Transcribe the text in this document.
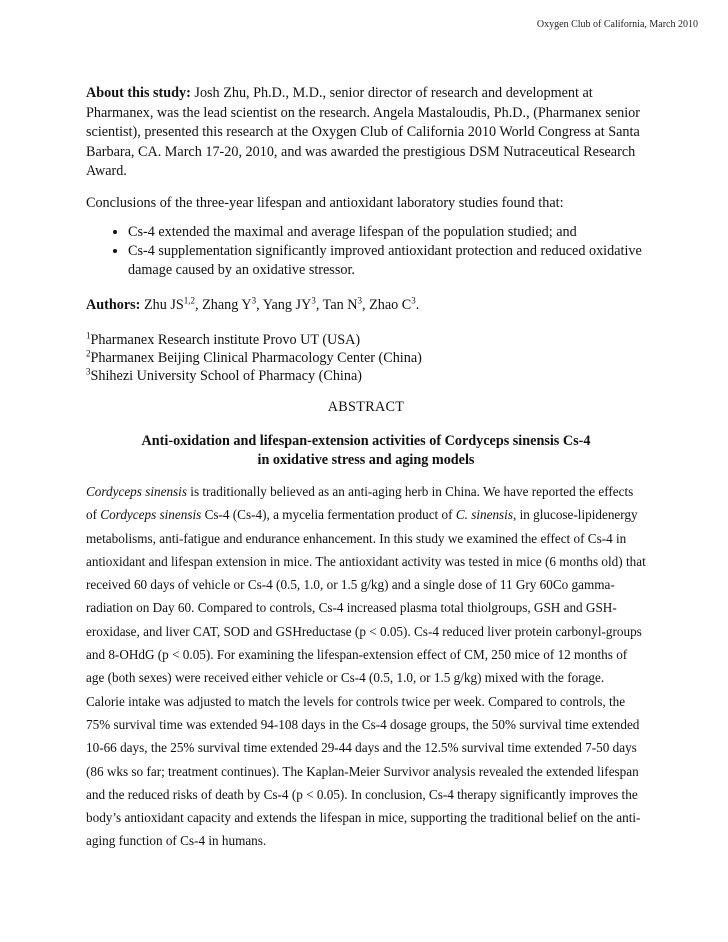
Oxygen Club of California, March 2010

About this study: Josh Zhu, Ph.D., M.D., senior director of research and development at Pharmanex, was the lead scientist on the research. Angela Mastaloudis, Ph.D., (Pharmanex senior scientist), presented this research at the Oxygen Club of California 2010 World Congress at Santa Barbara, CA. March 17-20, 2010, and was awarded the prestigious DSM Nutraceutical Research Award.

Conclusions of the three-year lifespan and antioxidant laboratory studies found that:

• Cs-4 extended the maximal and average lifespan of the population studied; and
• Cs-4 supplementation significantly improved antioxidant protection and reduced oxidative damage caused by an oxidative stressor.

Authors: Zhu JS$^{1,2}$, Zhang $Y^3$, Yang $JY^3$, Tan $N^3$, Zhao $C^3$.

$^1$Pharmanex Research institute Provo UT (USA)
$^2$Pharmanex Beijing Clinical Pharmacology Center (China)
$^3$Shihezi University School of Pharmacy (China)

ABSTRACT
Anti-oxidation and lifespan-extension activities of Cordyceps sinensis Cs-4
in oxidative stress and aging models

Cordyceps sinensis is traditionally believed as an anti-aging herb in China. We have reported the effects of Cordyceps sinensis Cs-4 (Cs-4), a mycelia fermentation product of C. sinensis, in glucose-lipidenergy metabolisms, anti-fatigue and endurance enhancement. In this study we examined the effect of Cs-4 in antioxidant and lifespan extension in mice. The antioxidant activity was tested in mice (6 months old) that received 60 days of vehicle or Cs-4 (0.5, 1.0, or 1.5 g/kg) and a single dose of 11 Gry 60Co gamma-radiation on Day 60. Compared to controls, Cs-4 increased plasma total thiolgroups, GSH and GSH-eroxidase, and liver CAT, SOD and GSHreductase (p < 0.05). Cs-4 reduced liver protein carbonyl-groups and 8-OHdG (p < 0.05). For examining the lifespan-extension effect of CM, 250 mice of 12 months of age (both sexes) were received either vehicle or Cs-4 (0.5, 1.0, or 1.5 g/kg) mixed with the forage. Calorie intake was adjusted to match the levels for controls twice per week. Compared to controls, the 75% survival time was extended 94-108 days in the Cs-4 dosage groups, the 50% survival time extended 10-66 days, the 25% survival time extended 29-44 days and the 12.5% survival time extended 7-50 days (86 wks so far; treatment continues). The Kaplan-Meier Survivor analysis revealed the extended lifespan and the reduced risks of death by Cs-4 (p < 0.05). In conclusion, Cs-4 therapy significantly improves the body’s antioxidant capacity and extends the lifespan in mice, supporting the traditional belief on the anti-aging function of Cs-4 in humans.
